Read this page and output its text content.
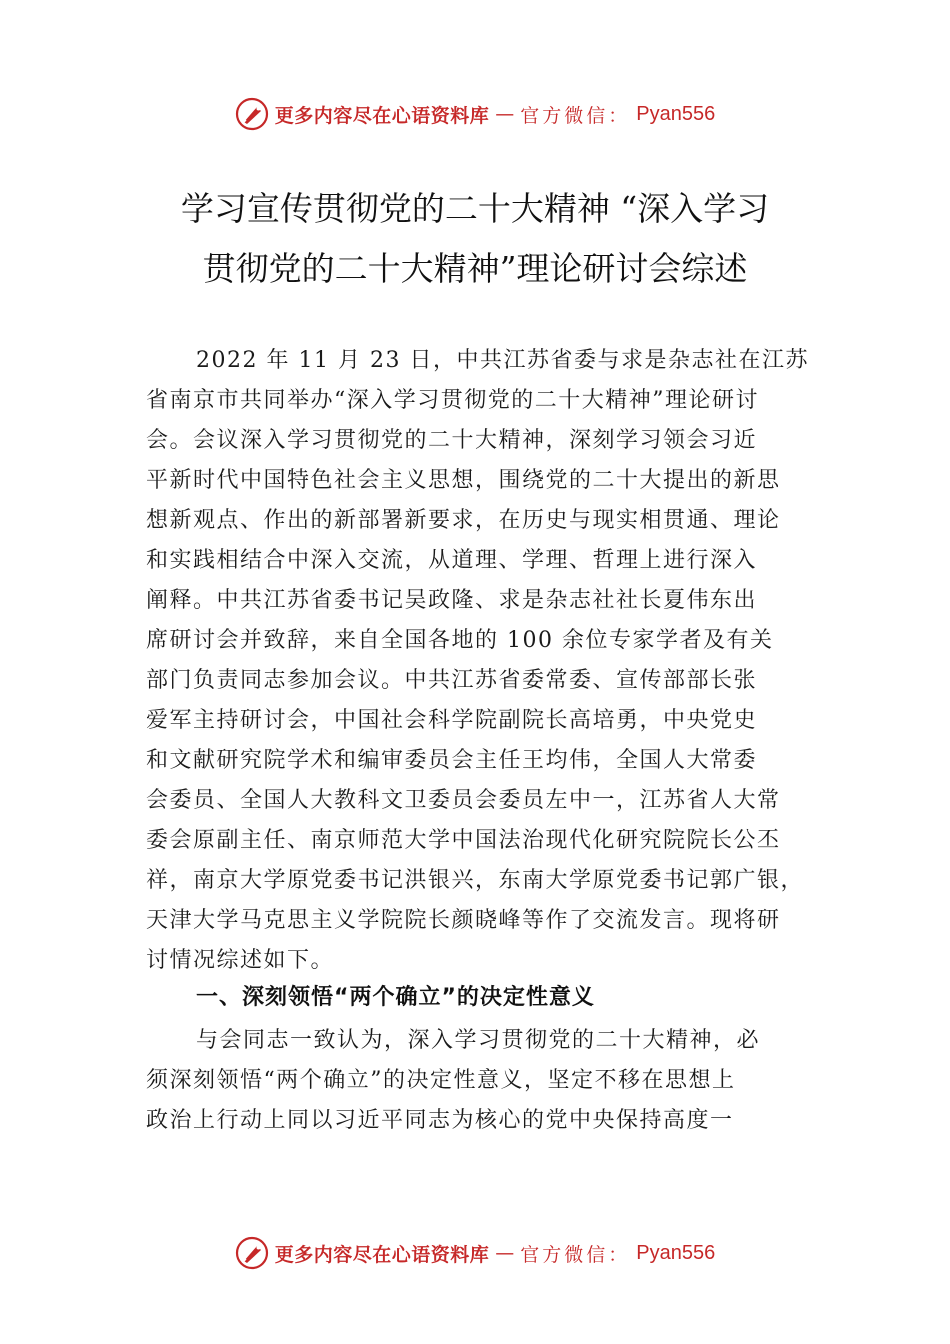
更多内容尽在心语资料库 — 官方微信： Pyan556
学习宣传贯彻党的二十大精神 “深入学习
贯彻党的二十大精神”理论研讨会综述
2022 年 11 月 23 日，中共江苏省委与求是杂志社在江苏
省南京市共同举办“深入学习贯彻党的二十大精神”理论研讨
会。会议深入学习贯彻党的二十大精神，深刻学习领会习近
平新时代中国特色社会主义思想，围绕党的二十大提出的新思
想新观点、作出的新部署新要求，在历史与现实相贯通、理论
和实践相结合中深入交流，从道理、学理、哲理上进行深入
阐释。中共江苏省委书记吴政隆、求是杂志社社长夏伟东出
席研讨会并致辞，来自全国各地的 100 余位专家学者及有关
部门负责同志参加会议。中共江苏省委常委、宣传部部长张
爱军主持研讨会，中国社会科学院副院长高培勇，中央党史
和文献研究院学术和编审委员会主任王均伟，全国人大常委
会委员、全国人大教科文卫委员会委员左中一，江苏省人大常
委会原副主任、南京师范大学中国法治现代化研究院院长公丕
祥，南京大学原党委书记洪银兴，东南大学原党委书记郭广银，
天津大学马克思主义学院院长颜晓峰等作了交流发言。现将研
讨情况综述如下。
一、深刻领悟“两个确立”的决定性意义
与会同志一致认为，深入学习贯彻党的二十大精神，必
须深刻领悟“两个确立”的决定性意义，坚定不移在思想上
政治上行动上同以习近平同志为核心的党中央保持高度一
更多内容尽在心语资料库 — 官方微信： Pyan556
